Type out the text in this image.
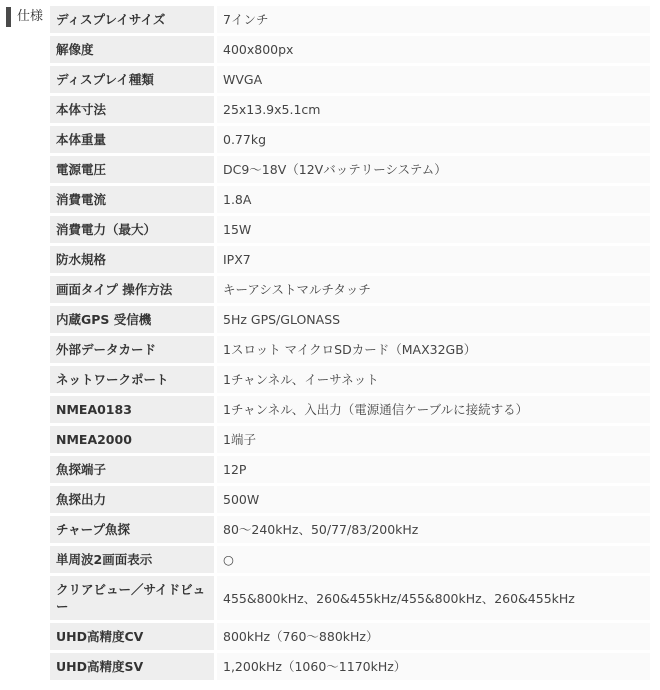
仕様 ディスプレイサイズ	7インチ
解像度	400x800px
ディスプレイ種類	WVGA
本体寸法	25x13.9x5.1cm
本体重量	0.77kg
電源電圧	DC9～18V（12Vバッテリーシステム）
消費電流	1.8A
消費電力（最大）	15W
防水規格	IPX7
画面タイプ 操作方法	キーアシストマルチタッチ
内蔵GPS 受信機	5Hz GPS/GLONASS
外部データカード	1スロット マイクロSDカード（MAX32GB）
ネットワークポート	1チャンネル、イーサネット
NMEA0183	1チャンネル、入出力（電源通信ケーブルに接続する）
NMEA2000	1端子
魚探端子	12P
魚探出力	500W
チャープ魚探	80～240kHz、50/77/83/200kHz
単周波2画面表示	○
クリアビュー／サイドビュー	455&800kHz、260&455kHz/455&800kHz、260&455kHz
UHD高精度CV	800kHz（760～880kHz）
UHD高精度SV	1,200kHz（1060～1170kHz）
